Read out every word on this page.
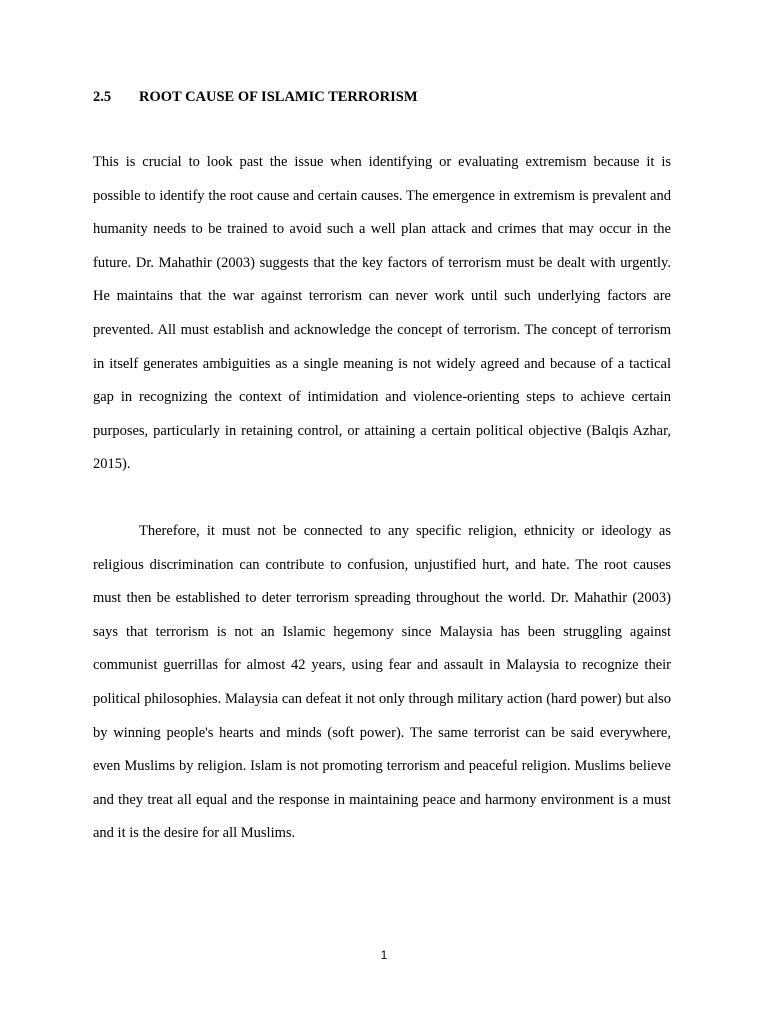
2.5 ROOT CAUSE OF ISLAMIC TERRORISM

This is crucial to look past the issue when identifying or evaluating extremism because it is possible to identify the root cause and certain causes. The emergence in extremism is prevalent and humanity needs to be trained to avoid such a well plan attack and crimes that may occur in the future. Dr. Mahathir (2003) suggests that the key factors of terrorism must be dealt with urgently. He maintains that the war against terrorism can never work until such underlying factors are prevented. All must establish and acknowledge the concept of terrorism. The concept of terrorism in itself generates ambiguities as a single meaning is not widely agreed and because of a tactical gap in recognizing the context of intimidation and violence-orienting steps to achieve certain purposes, particularly in retaining control, or attaining a certain political objective (Balqis Azhar, 2015).

Therefore, it must not be connected to any specific religion, ethnicity or ideology as religious discrimination can contribute to confusion, unjustified hurt, and hate. The root causes must then be established to deter terrorism spreading throughout the world. Dr. Mahathir (2003) says that terrorism is not an Islamic hegemony since Malaysia has been struggling against communist guerrillas for almost 42 years, using fear and assault in Malaysia to recognize their political philosophies. Malaysia can defeat it not only through military action (hard power) but also by winning people's hearts and minds (soft power). The same terrorist can be said everywhere, even Muslims by religion. Islam is not promoting terrorism and peaceful religion. Muslims believe and they treat all equal and the response in maintaining peace and harmony environment is a must and it is the desire for all Muslims.

1
